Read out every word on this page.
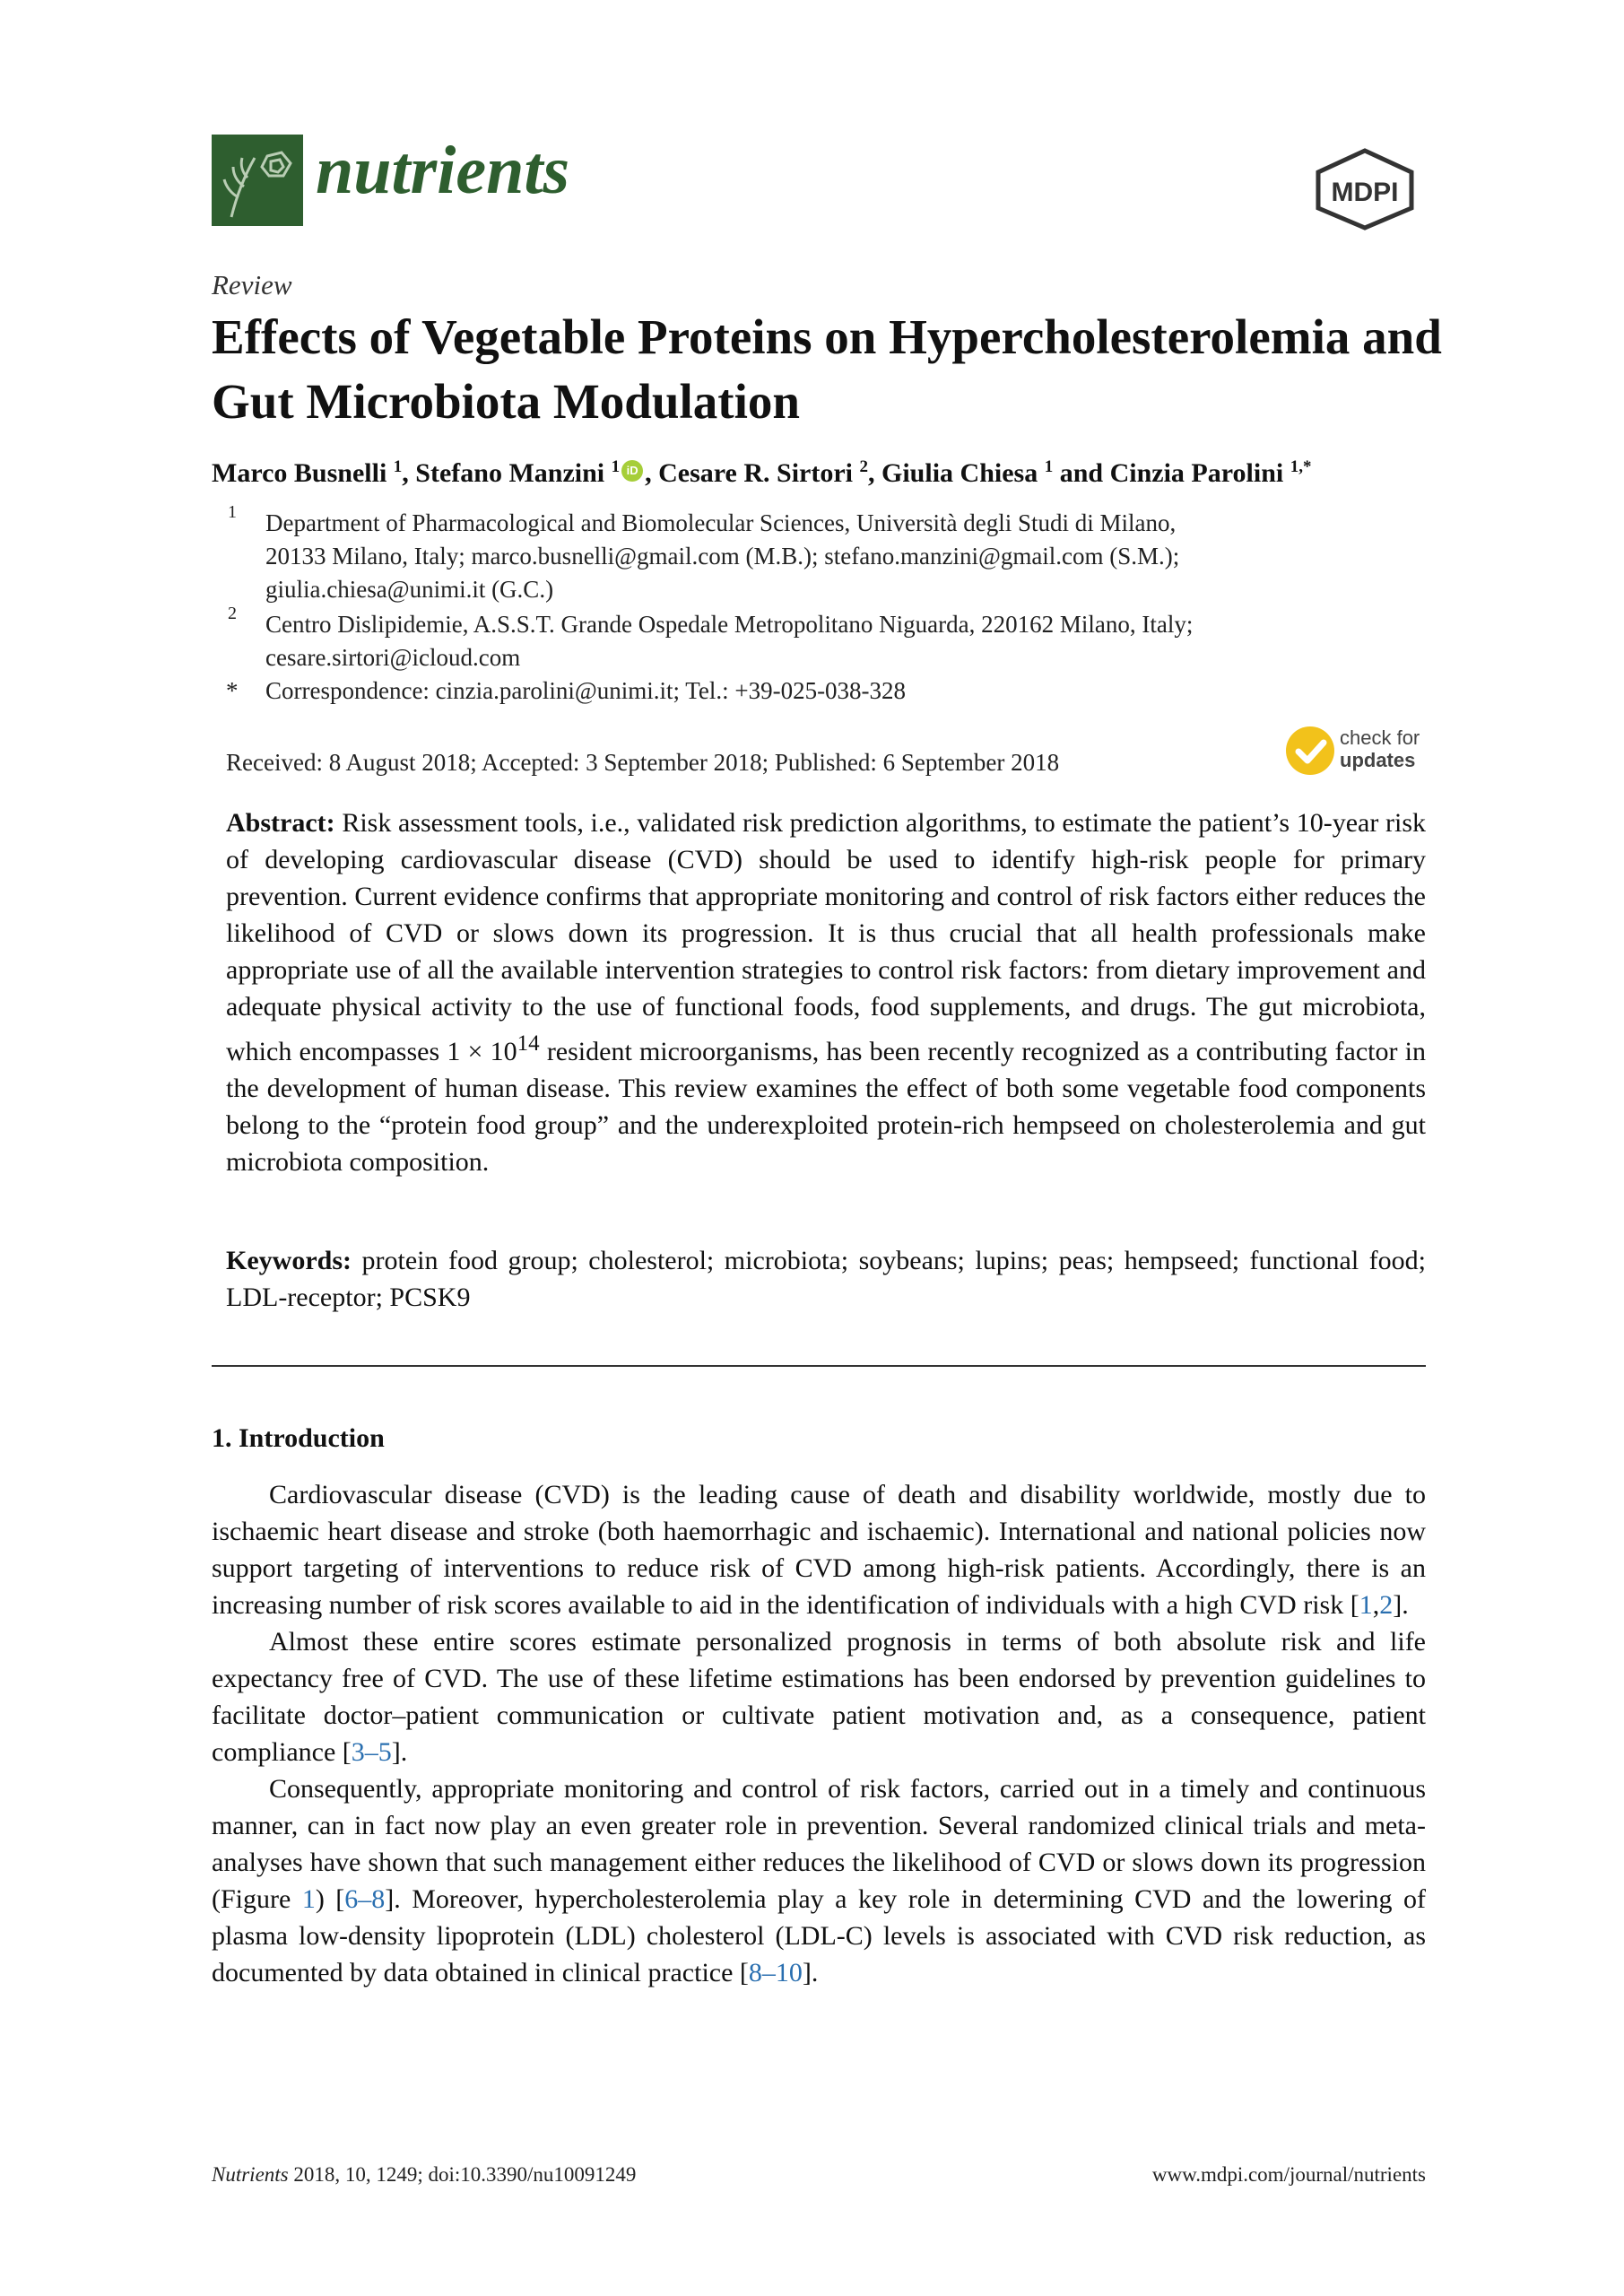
nutrients	MDPI
Review
Effects of Vegetable Proteins on Hypercholesterolemia and Gut Microbiota Modulation
Marco Busnelli $^1$, Stefano Manzini $^1$ iD , Cesare R. Sirtori $^2$, Giulia Chiesa $^1$ and Cinzia Parolini $^{1,*}$
1 Department of Pharmacological and Biomolecular Sciences, Università degli Studi di Milano,
20133 Milano, Italy; marco.busnelli@gmail.com (M.B.); stefano.manzini@gmail.com (S.M.);
giulia.chiesa@unimi.it (G.C.)
2 Centro Dislipidemie, A.S.S.T. Grande Ospedale Metropolitano Niguarda, 220162 Milano, Italy;
cesare.sirtori@icloud.com
* Correspondence: cinzia.parolini@unimi.it; Tel.: +39-025-038-328
Received: 8 August 2018; Accepted: 3 September 2018; Published: 6 September 2018
check for
updates
Abstract: Risk assessment tools, i.e., validated risk prediction algorithms, to estimate the patient’s 10-year risk of developing cardiovascular disease (CVD) should be used to identify high-risk people for primary prevention. Current evidence confirms that appropriate monitoring and control of risk factors either reduces the likelihood of CVD or slows down its progression. It is thus crucial that all health professionals make appropriate use of all the available intervention strategies to control risk factors: from dietary improvement and adequate physical activity to the use of functional foods, food supplements, and drugs. The gut microbiota, which encompasses $1 \times 10^{14}$ resident microorganisms, has been recently recognized as a contributing factor in the development of human disease. This review examines the effect of both some vegetable food components belong to the “protein food group” and the underexploited protein-rich hempseed on cholesterolemia and gut microbiota composition.
Keywords: protein food group; cholesterol; microbiota; soybeans; lupins; peas; hempseed; functional food; LDL-receptor; PCSK9
1. Introduction

Cardiovascular disease (CVD) is the leading cause of death and disability worldwide, mostly due to ischaemic heart disease and stroke (both haemorrhagic and ischaemic). International and national policies now support targeting of interventions to reduce risk of CVD among high-risk patients. Accordingly, there is an increasing number of risk scores available to aid in the identification of individuals with a high CVD risk [1,2].

Almost these entire scores estimate personalized prognosis in terms of both absolute risk and life expectancy free of CVD. The use of these lifetime estimations has been endorsed by prevention guidelines to facilitate doctor–patient communication or cultivate patient motivation and, as a consequence, patient compliance [3–5].

Consequently, appropriate monitoring and control of risk factors, carried out in a timely and continuous manner, can in fact now play an even greater role in prevention. Several randomized clinical trials and meta-analyses have shown that such management either reduces the likelihood of CVD or slows down its progression (Figure 1) [6–8]. Moreover, hypercholesterolemia play a key role in determining CVD and the lowering of plasma low-density lipoprotein (LDL) cholesterol (LDL-C) levels is associated with CVD risk reduction, as documented by data obtained in clinical practice [8–10].

Nutrients 2018, 10, 1249; doi:10.3390/nu10091249	www.mdpi.com/journal/nutrients
